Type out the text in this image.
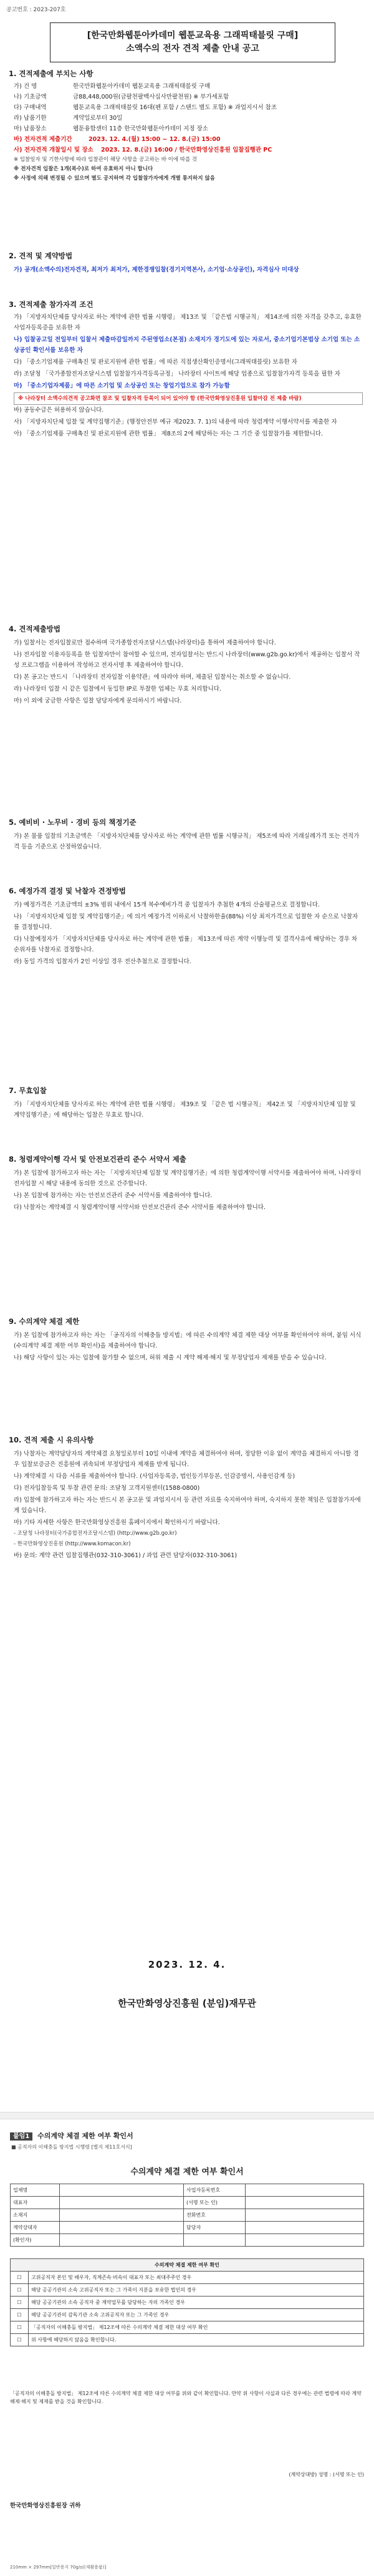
공고번호 : 2023-207호
[한국만화웹툰아카데미 웹툰교육용 그래픽태블릿 구매]
소액수의 전자 견적 제출 안내 공고
1. 견적제출에 부치는 사항
가) 건 명	한국만화웹툰아카데미 웹툰교육용 그래픽태블릿 구매
나) 기초금액	금88,448,000원(금팔천팔백사십사만팔천원) ※ 부가세포함
다) 구매내역	웹툰교육용 그래픽태블릿 16대(펜 포함 / 스탠드 별도 포함) ※ 과업지시서 참조
라) 납품기한	계약일로부터 30일
마) 납품장소	웹툰융합센터 11층 한국만화웹툰아카데미 지정 장소
바) 전자견적 제출기간	2023. 12. 4.(월) 15:00 ~ 12. 8.(금) 15:00
사) 전자견적 개찰일시 및 장소	2023. 12. 8.(금) 16:00 / 한국만화영상진흥원 입찰집행관 PC
※ 입찰일자 및 기한사항에 따라 입찰관이 해당 사항을 공고하는 바 이에 따를 것
※ 전자견적 입찰은 1개(복수)로 하여 유효하지 아니 합니다
※ 사정에 의해 변경될 수 있으며 별도 공지하며 각 입찰참가자에게 개별 통지하지 않음
2. 견적 및 계약방법
가) 공개(소액수의)전자견적, 최저가 최저가, 제한경쟁입찰(경기지역본사, 소기업·소상공인), 자격심사 미대상
3. 견적제출 참가자격 조건

가) 「지방자치단체를 당사자로 하는 계약에 관한 법률 시행령」 제13조 및 「같은법 시행규칙」 제14조에 의한 자격을 갖추고, 유효한 사업자등록증을 보유한 자

나) 입찰공고일 전일부터 입찰서 제출마감일까지 주된영업소(본점) 소재지가 경기도에 있는 자로서, 중소기업기본법상 소기업 또는 소상공인 확인서를 보유한 자

다) 「중소기업제품 구매촉진 및 판로지원에 관한 법률」에 따른 직접생산확인증명서(그래픽태블릿) 보유한 자

라) 조달청 「국가종합전자조달시스템 입찰참가자격등록규정」 나라장터 사이트에 해당 업종으로 입찰참가자격 등록을 필한 자

마) 「중소기업자제품」에 따른 소기업 및 소상공인 또는 창업기업으로 참가 가능함

※ 나라장터 소액수의견적 공고화면 참조 및 입찰자격 등록이 되어 있어야 함 (한국만화영상진흥원 입찰마감 전 제출 바람)

바) 공동수급은 허용하지 않습니다.

사) 「지방자치단체 입찰 및 계약집행기준」(행정안전부 예규 제2023. 7. 1)의 내용에 따라 청렴계약 이행서약서를 제출한 자

아) 「중소기업제품 구매촉진 및 판로지원에 관한 법률」 제8조의 2에 해당하는 자는 그 기간 중 입찰참가를 제한합니다.

4. 견적제출방법

가) 입찰서는 전자입찰로만 접수하며 국가종합전자조달시스템(나라장터)을 통하여 제출하여야 합니다.

나) 전자입찰 이용자등록을 한 입찰자만이 참여할 수 있으며, 전자입찰서는 반드시 나라장터(www.g2b.go.kr)에서 제공하는 입찰서 작성 프로그램을 이용하여 작성하고 전자서명 후 제출하여야 합니다.

다) 본 공고는 반드시 「나라장터 전자입찰 이용약관」에 따라야 하며, 제출된 입찰서는 취소할 수 없습니다.

라) 나라장터 입찰 시 같은 입찰에서 동일한 IP로 투찰한 업체는 무효 처리합니다.

마) 이 외에 궁금한 사항은 입찰 담당자에게 문의하시기 바랍니다.

5. 예비비 · 노무비 · 경비 등의 책정기준
가) 본 물품 입찰의 기초금액은 「지방자치단체를 당사자로 하는 계약에 관한 법률 시행규칙」 제5조에 따라 거래실례가격 또는 견적가격 등을 기준으로 산정하였습니다.
6. 예정가격 결정 및 낙찰자 견정방법

가) 예정가격은 기초금액의 ±3% 범위 내에서 15개 복수예비가격 중 입찰자가 추첨한 4개의 산술평균으로 결정합니다.

나) 「지방자치단체 입찰 및 계약집행기준」에 의거 예정가격 이하로서 낙찰하한율(88%) 이상 최저가격으로 입찰한 자 순으로 낙찰자를 결정합니다.

다) 낙찰예정자가 「지방자치단체를 당사자로 하는 계약에 관한 법률」 제13조에 따른 계약 이행능력 및 결격사유에 해당하는 경우 차순위자를 낙찰자로 결정합니다.

라) 동일 가격의 입찰자가 2인 이상일 경우 전산추첨으로 결정합니다.

7. 무효입찰
가) 「지방자치단체를 당사자로 하는 계약에 관한 법률 시행령」 제39조 및 「같은 법 시행규칙」 제42조 및 「지방자치단체 입찰 및 계약집행기준」에 해당하는 입찰은 무효로 합니다.
8. 청렴계약이행 각서 및 안전보건관리 준수 서약서 제출

가) 본 입찰에 참가하고자 하는 자는 「지방자치단체 입찰 및 계약집행기준」에 의한 청렴계약이행 서약서를 제출하여야 하며, 나라장터 전자입찰 시 해당 내용에 동의한 것으로 간주합니다.

나) 본 입찰에 참가하는 자는 안전보건관리 준수 서약서를 제출하여야 합니다.

다) 낙찰자는 계약체결 시 청렴계약이행 서약서와 안전보건관리 준수 서약서를 제출하여야 합니다.

9. 수의계약 체결 제한

가) 본 입찰에 참가하고자 하는 자는 「공직자의 이해충돌 방지법」에 따른 수의계약 체결 제한 대상 여부를 확인하여야 하며, 붙임 서식(수의계약 체결 제한 여부 확인서)을 제출하여야 합니다.

나) 해당 사항이 있는 자는 입찰에 참가할 수 없으며, 허위 제출 시 계약 해제·해지 및 부정당업자 제재를 받을 수 있습니다.

10. 견적 제출 시 유의사항

가) 낙찰자는 계약담당자의 계약체결 요청일로부터 10일 이내에 계약을 체결하여야 하며, 정당한 이유 없이 계약을 체결하지 아니할 경우 입찰보증금은 진흥원에 귀속되며 부정당업자 제재를 받게 됩니다.

나) 계약체결 시 다음 서류를 제출하여야 합니다. (사업자등록증, 법인등기부등본, 인감증명서, 사용인감계 등)

다) 전자입찰등록 및 투찰 관련 문의: 조달청 고객지원센터(1588-0800)

라) 입찰에 참가하고자 하는 자는 반드시 본 공고문 및 과업지시서 등 관련 자료를 숙지하여야 하며, 숙지하지 못한 책임은 입찰참가자에게 있습니다.

마) 기타 자세한 사항은 한국만화영상진흥원 홈페이지에서 확인하시기 바랍니다.

- 조달청 나라장터(국가종합전자조달시스템) (http://www.g2b.go.kr)

- 한국만화영상진흥원 (http://www.komacon.kr)

바) 문의: 계약 관련 입찰집행관(032-310-3061) / 과업 관련 담당자(032-310-3061)

2023. 12. 4.
한국만화영상진흥원 (분임)재무관
붙임1 수의계약 체결 제한 여부 확인서
■ 공직자의 이해충돌 방지법 시행령 [별지 제11호서식]
수의계약 체결 제한 여부 확인서
업체명		사업자등록번호	
대표자		(서명 또는 인)	
소재지		전화번호	
계약상대자		담당자	
(확인자)			
수의계약 체결 제한 여부 확인	
☐	고위공직자 본인 및 배우자, 직계존속·비속이 대표자 또는 최대주주인 경우
☐	해당 공공기관의 소속 고위공직자 또는 그 가족이 지분을 보유한 법인의 경우
☐	해당 공공기관의 소속 공직자 중 계약업무를 담당하는 자의 가족인 경우
☐	해당 공공기관의 감독기관 소속 고위공직자 또는 그 가족인 경우
☐	「공직자의 이해충돌 방지법」 제12조에 따른 수의계약 체결 제한 대상 여부 확인
☐	위 사항에 해당하지 않음을 확인합니다.
「공직자의 이해충돌 방지법」 제12조에 따른 수의계약 체결 제한 대상 여부를 위와 같이 확인합니다. 만약 위 사항이 사실과 다른 경우에는 관련 법령에 따라 계약 해제·해지 및 제재를 받을 것을 확인합니다.
(계약상대방) 성명 : (서명 또는 인)
한국만화영상진흥원장 귀하
210mm × 297mm[일반용지 70g/㎡(재활용품)]
